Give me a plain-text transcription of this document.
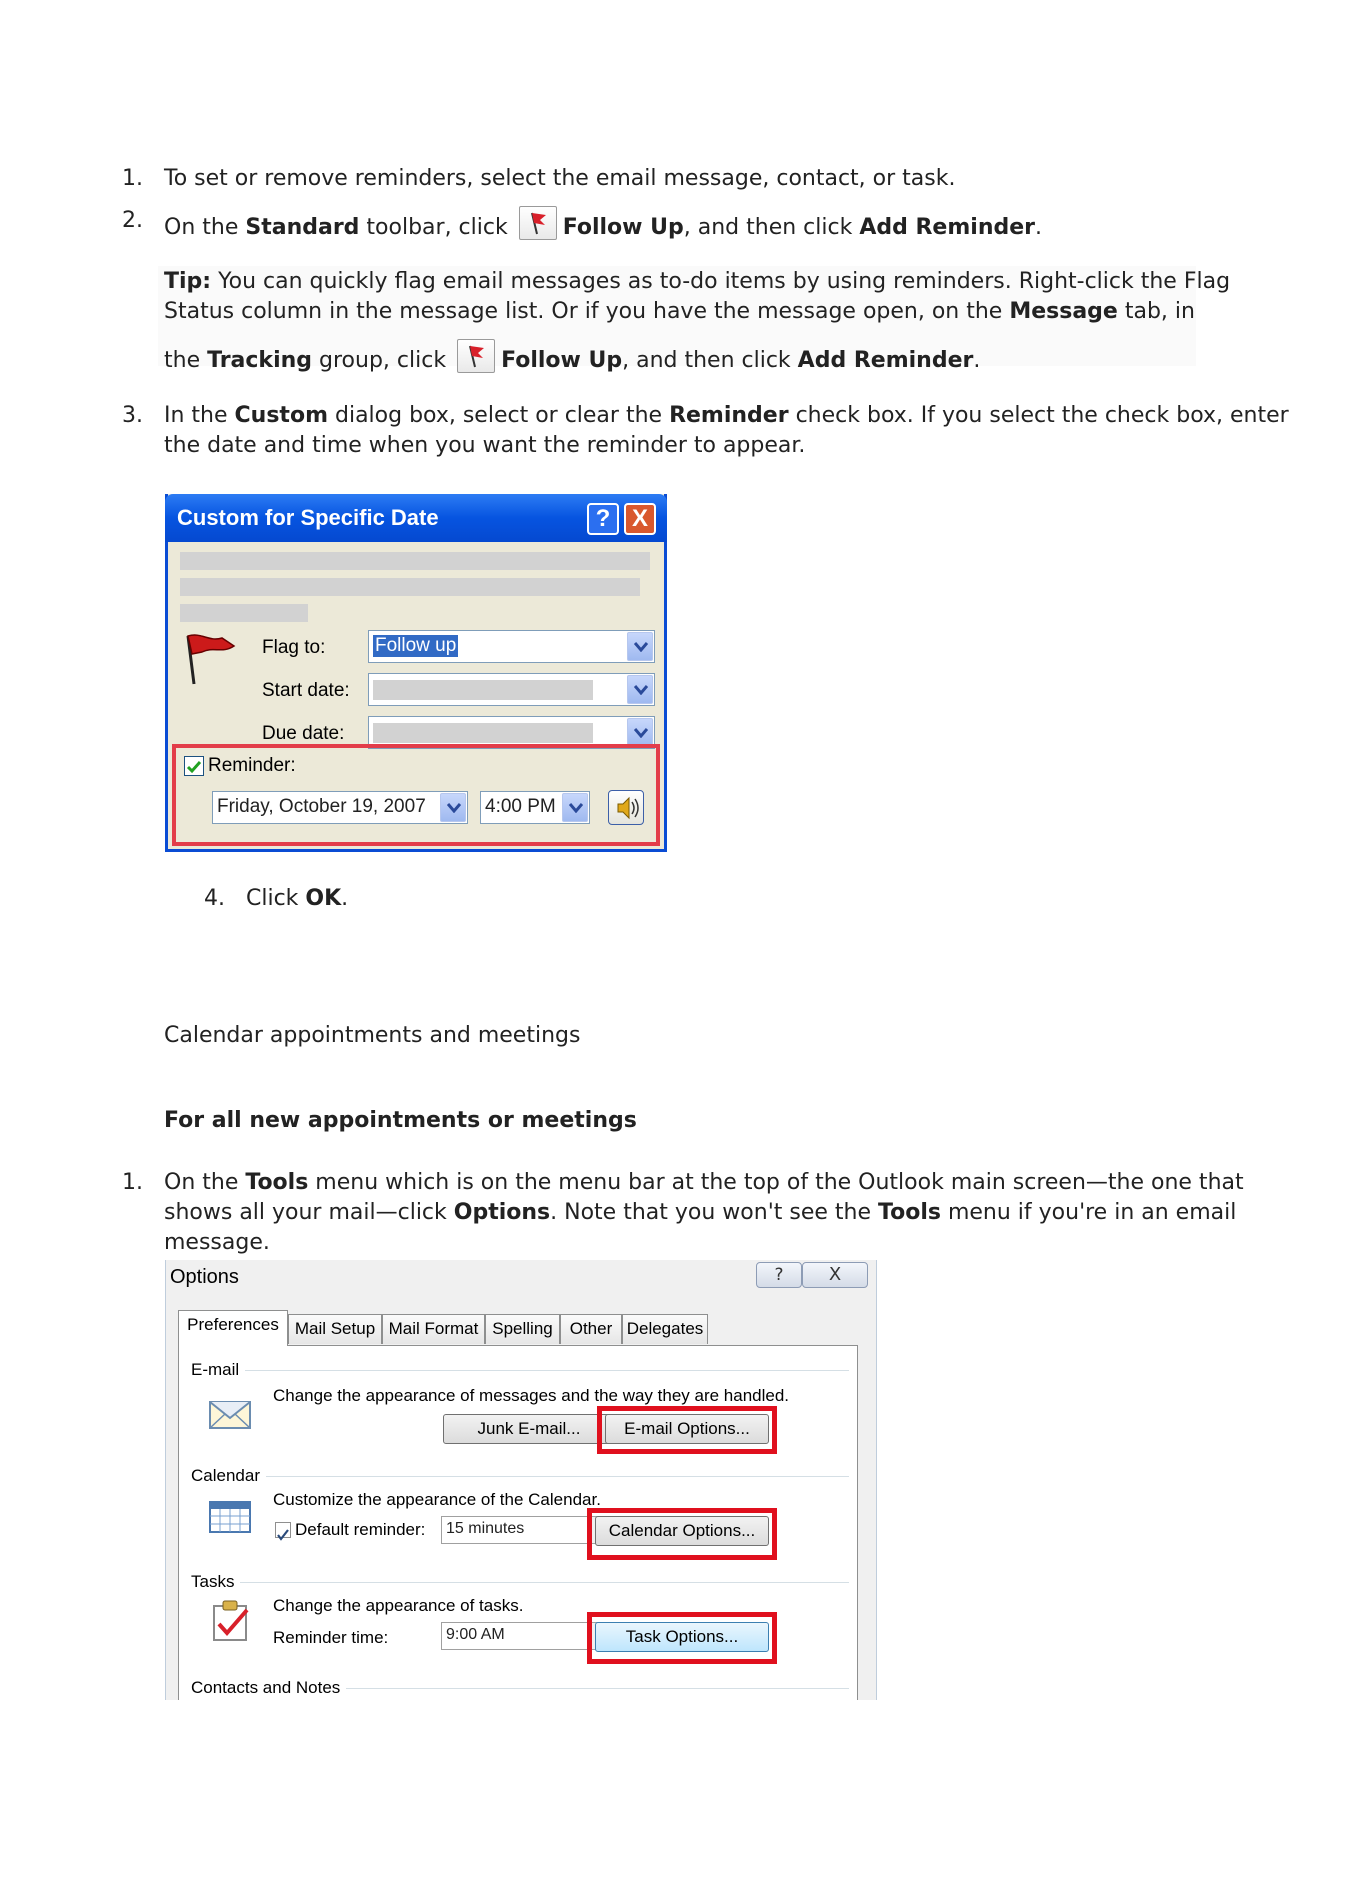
1. To set or remove reminders, select the email message, contact, or task.
2. On the Standard toolbar, click
Follow Up, and then click Add Reminder.
Tip: You can quickly flag email messages as to-do items by using reminders. Right-click the Flag
Status column in the message list. Or if you have the message open, on the Message tab, in
the Tracking group, click
Follow Up, and then click Add Reminder.
3. In the Custom dialog box, select or clear the Reminder check box. If you select the check box, enter
the date and time when you want the reminder to appear.
Custom for Specific Date	? X
Flag to:	Follow up
Start date:
Due date:
Reminder:
Friday, October 19, 2007	4:00 PM
4. Click OK.
Calendar appointments and meetings
For all new appointments or meetings
1. On the Tools menu which is on the menu bar at the top of the Outlook main screen—the one that
shows all your mail—click Options. Note that you won't see the Tools menu if you're in an email
message.
Options	?	X
Preferences Mail Setup Mail Format Spelling Other Delegates
E-mail
Change the appearance of messages and the way they are handled.
Junk E-mail...	E-mail Options...
Calendar
Customize the appearance of the Calendar.
Default reminder: 15 minutes	Calendar Options...
Tasks
Change the appearance of tasks.
Reminder time:	9:00 AM	Task Options...
Contacts and Notes
